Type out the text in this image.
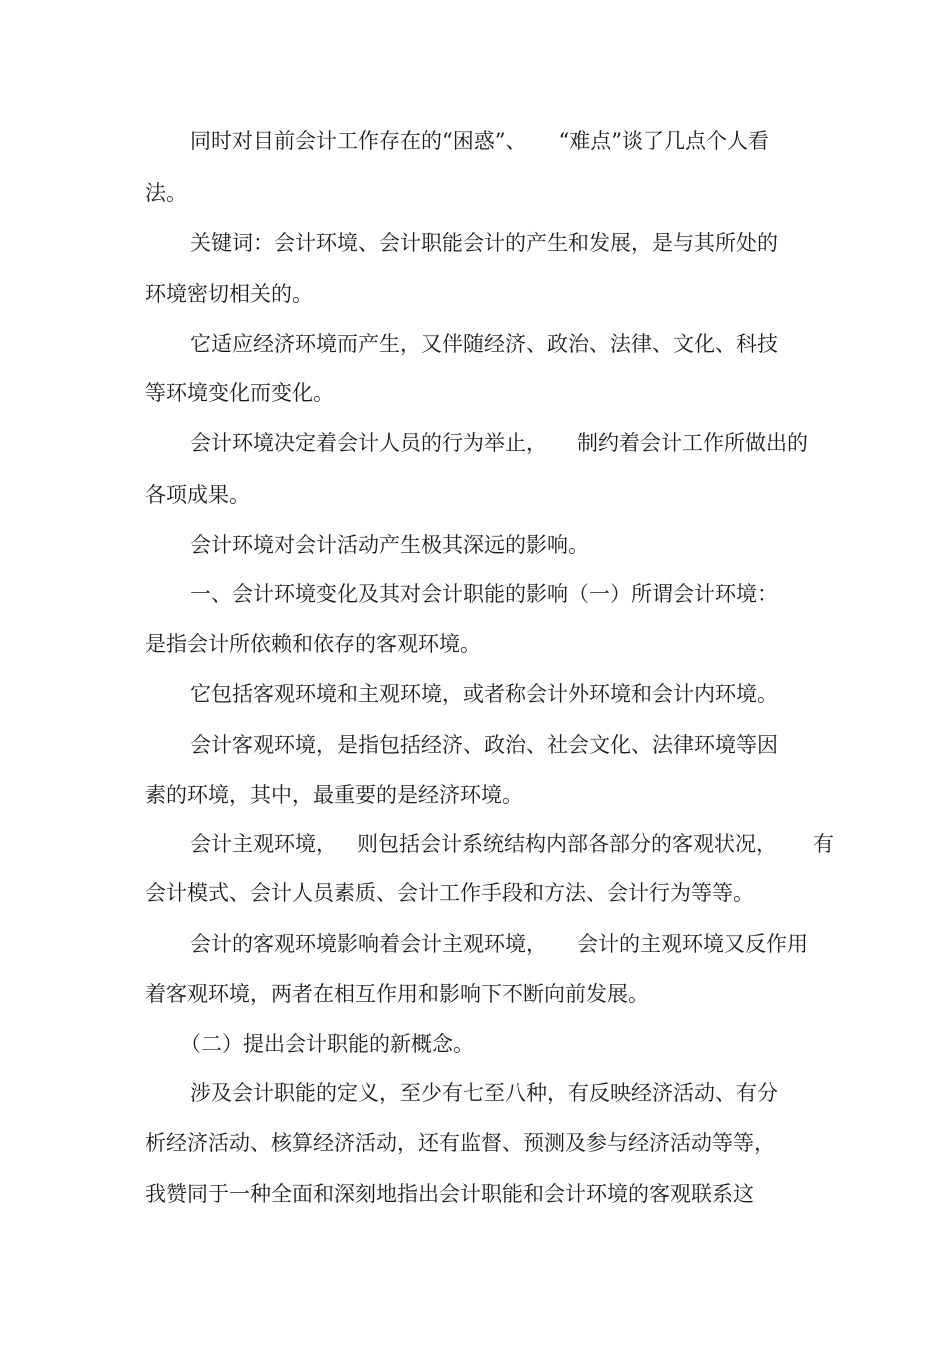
同时对目前会计工作存在的“困惑”、 “难点”谈了几点个人看
法。
关键词：会计环境、会计职能会计的产生和发展，是与其所处的
环境密切相关的。
它适应经济环境而产生，又伴随经济、政治、法律、文化、科技
等环境变化而变化。
会计环境决定着会计人员的行为举止， 制约着会计工作所做出的
各项成果。
会计环境对会计活动产生极其深远的影响。
一、会计环境变化及其对会计职能的影响（一）所谓会计环境：
是指会计所依赖和依存的客观环境。
它包括客观环境和主观环境，或者称会计外环境和会计内环境。
会计客观环境，是指包括经济、政治、社会文化、法律环境等因
素的环境，其中，最重要的是经济环境。
会计主观环境， 则包括会计系统结构内部各部分的客观状况， 有
会计模式、会计人员素质、会计工作手段和方法、会计行为等等。
会计的客观环境影响着会计主观环境， 会计的主观环境又反作用
着客观环境，两者在相互作用和影响下不断向前发展。
（二）提出会计职能的新概念。
涉及会计职能的定义，至少有七至八种，有反映经济活动、有分
析经济活动、核算经济活动，还有监督、预测及参与经济活动等等，
我赞同于一种全面和深刻地指出会计职能和会计环境的客观联系这
